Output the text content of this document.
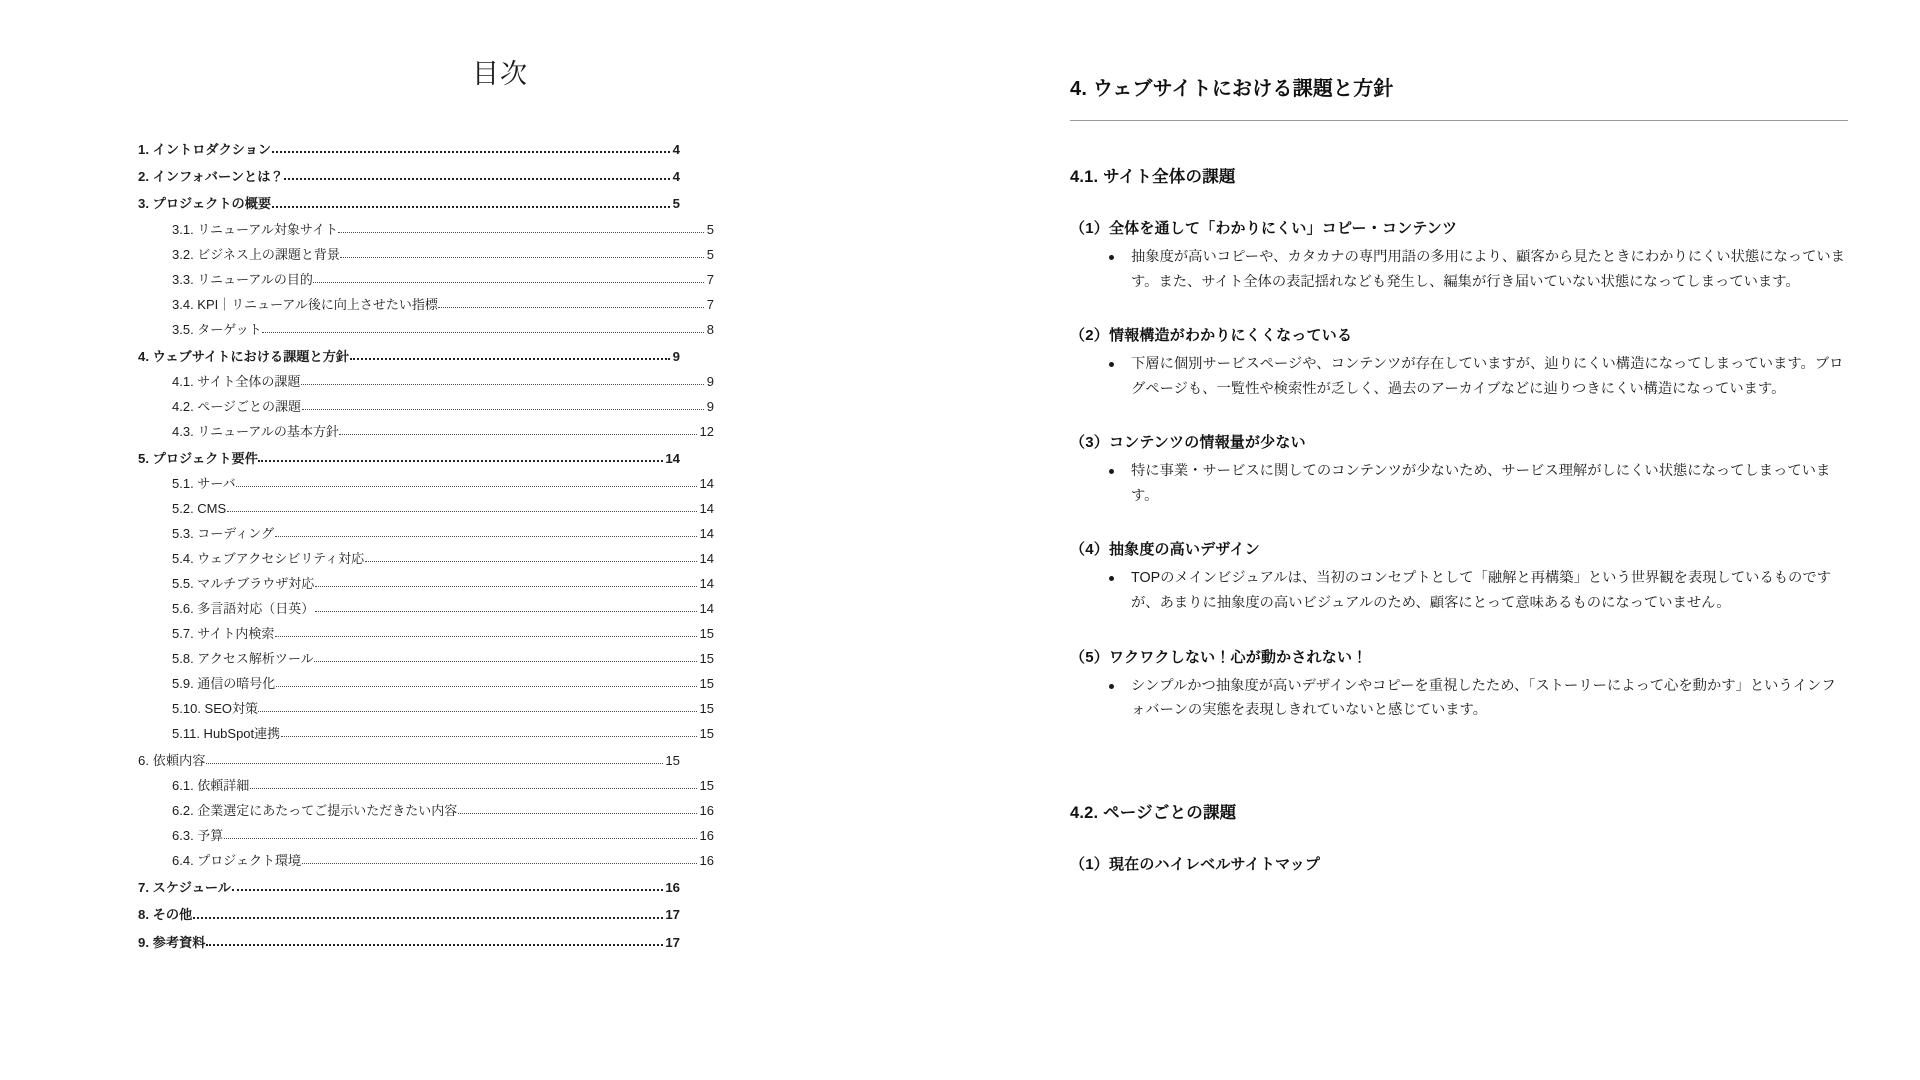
目次
1. イントロダクション	4
2. インフォバーンとは？	4
3. プロジェクトの概要	5
3.1. リニューアル対象サイト	5
3.2. ビジネス上の課題と背景	5
3.3. リニューアルの目的	7
3.4. KPI｜リニューアル後に向上させたい指標	7
3.5. ターゲット	8
4. ウェブサイトにおける課題と方針	9
4.1. サイト全体の課題	9
4.2. ページごとの課題	9
4.3. リニューアルの基本方針	12
5. プロジェクト要件	14
5.1. サーバ	14
5.2. CMS	14
5.3. コーディング	14
5.4. ウェブアクセシビリティ対応	14
5.5. マルチブラウザ対応	14
5.6. 多言語対応（日英）	14
5.7. サイト内検索	15
5.8. アクセス解析ツール	15
5.9. 通信の暗号化	15
5.10. SEO対策	15
5.11. HubSpot連携	15
6. 依頼内容	15
6.1. 依頼詳細	15
6.2. 企業選定にあたってご提示いただきたい内容	16
6.3. 予算	16
6.4. プロジェクト環境	16
7. スケジュール	16
8. その他	17
9. 参考資料	17
4. ウェブサイトにおける課題と方針
4.1. サイト全体の課題
（1）全体を通して「わかりにくい」コピー・コンテンツ
抽象度が高いコピーや、カタカナの専門用語の多用により、顧客から見たときにわかりにくい状態になっています。また、サイト全体の表記揺れなども発生し、編集が行き届いていない状態になってしまっています。
（2）情報構造がわかりにくくなっている
下層に個別サービスページや、コンテンツが存在していますが、辿りにくい構造になってしまっています。ブログページも、一覧性や検索性が乏しく、過去のアーカイブなどに辿りつきにくい構造になっています。
（3）コンテンツの情報量が少ない
特に事業・サービスに関してのコンテンツが少ないため、サービス理解がしにくい状態になってしまっています。
（4）抽象度の高いデザイン
TOPのメインビジュアルは、当初のコンセプトとして「融解と再構築」という世界観を表現しているものですが、あまりに抽象度の高いビジュアルのため、顧客にとって意味あるものになっていません。
（5）ワクワクしない！心が動かされない！
シンプルかつ抽象度が高いデザインやコピーを重視したため、「ストーリーによって心を動かす」というインフォバーンの実態を表現しきれていないと感じています。
4.2. ページごとの課題
（1）現在のハイレベルサイトマップ
